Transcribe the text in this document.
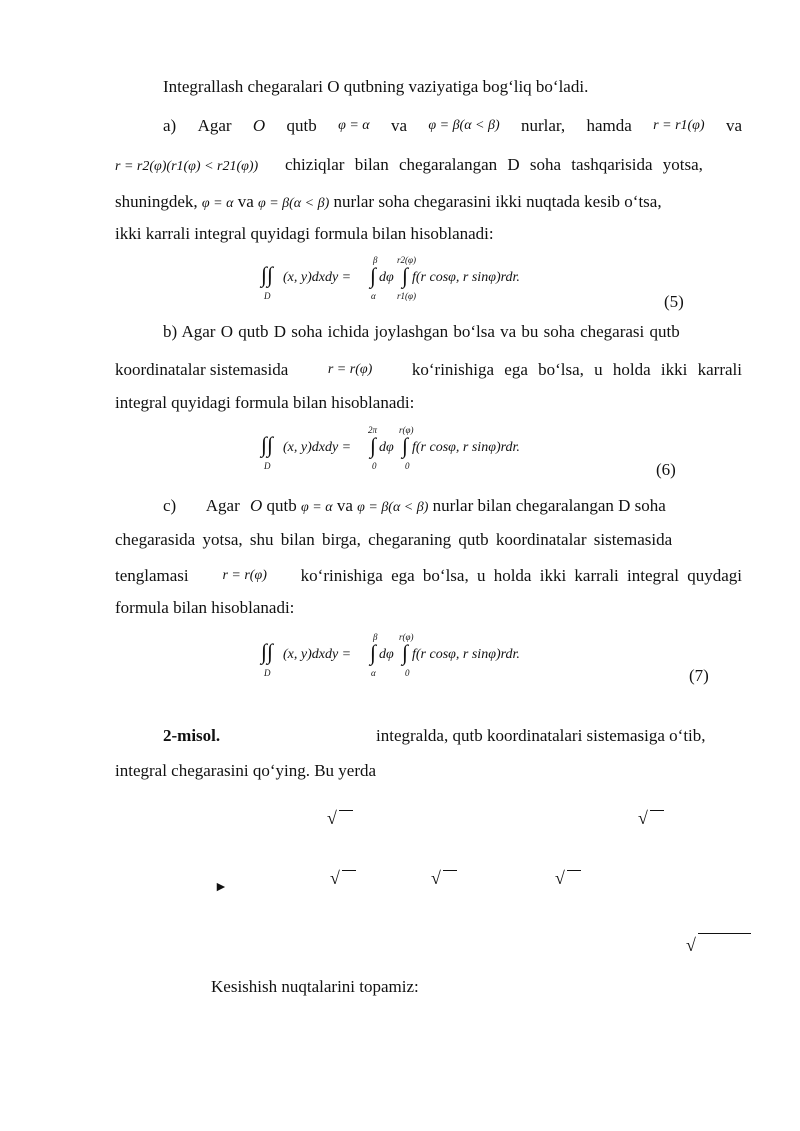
Integrallash chegaralari O qutbning vaziyatiga bog‘liq bo‘ladi.
a) Agar O qutb φ = α va φ = β(α < β) nurlar, hamda r = r1(φ) va
r = r2(φ)(r1(φ) < r21(φ)) chiziqlar bilan chegaralangan D soha tashqarisida yotsa,
shuningdek, φ = α va φ = β(α < β) nurlar soha chegarasini ikki nuqtada kesib o‘tsa,
ikki karrali integral quyidagi formula bilan hisoblanadi:
∫∫
D
(x, y)dxdy =
β
∫
α
dφ
r2(φ)
∫
r1(φ)
f(r cosφ, r sinφ)rdr.
(5)
b) Agar O qutb D soha ichida joylashgan bo‘lsa va bu soha chegarasi qutb
koordinatalar sistemasida	r = r(φ) ko‘rinishiga ega bo‘lsa, u holda ikki karrali
integral quyidagi formula bilan hisoblanadi:
∫∫
D
(x, y)dxdy =
2π
∫
0
dφ
r(φ)
∫
0
f(r cosφ, r sinφ)rdr.
(6)
c) Agar O qutb φ = α va φ = β(α < β) nurlar bilan chegaralangan D soha
chegarasida yotsa, shu bilan birga, chegaraning qutb koordinatalar sistemasida
tenglamasi r = r(φ) ko‘rinishiga ega bo‘lsa, u holda ikki karrali integral quydagi
formula bilan hisoblanadi:
∫∫
D
(x, y)dxdy =
β
∫
α
dφ
r(φ)
∫
0
f(r cosφ, r sinφ)rdr.
(7)
2-misol.	integralda, qutb koordinatalari sistemasiga o‘tib,
integral chegarasini qo‘ying. Bu yerda
√	√
►	√	√	√
√
Kesishish nuqtalarini topamiz:
